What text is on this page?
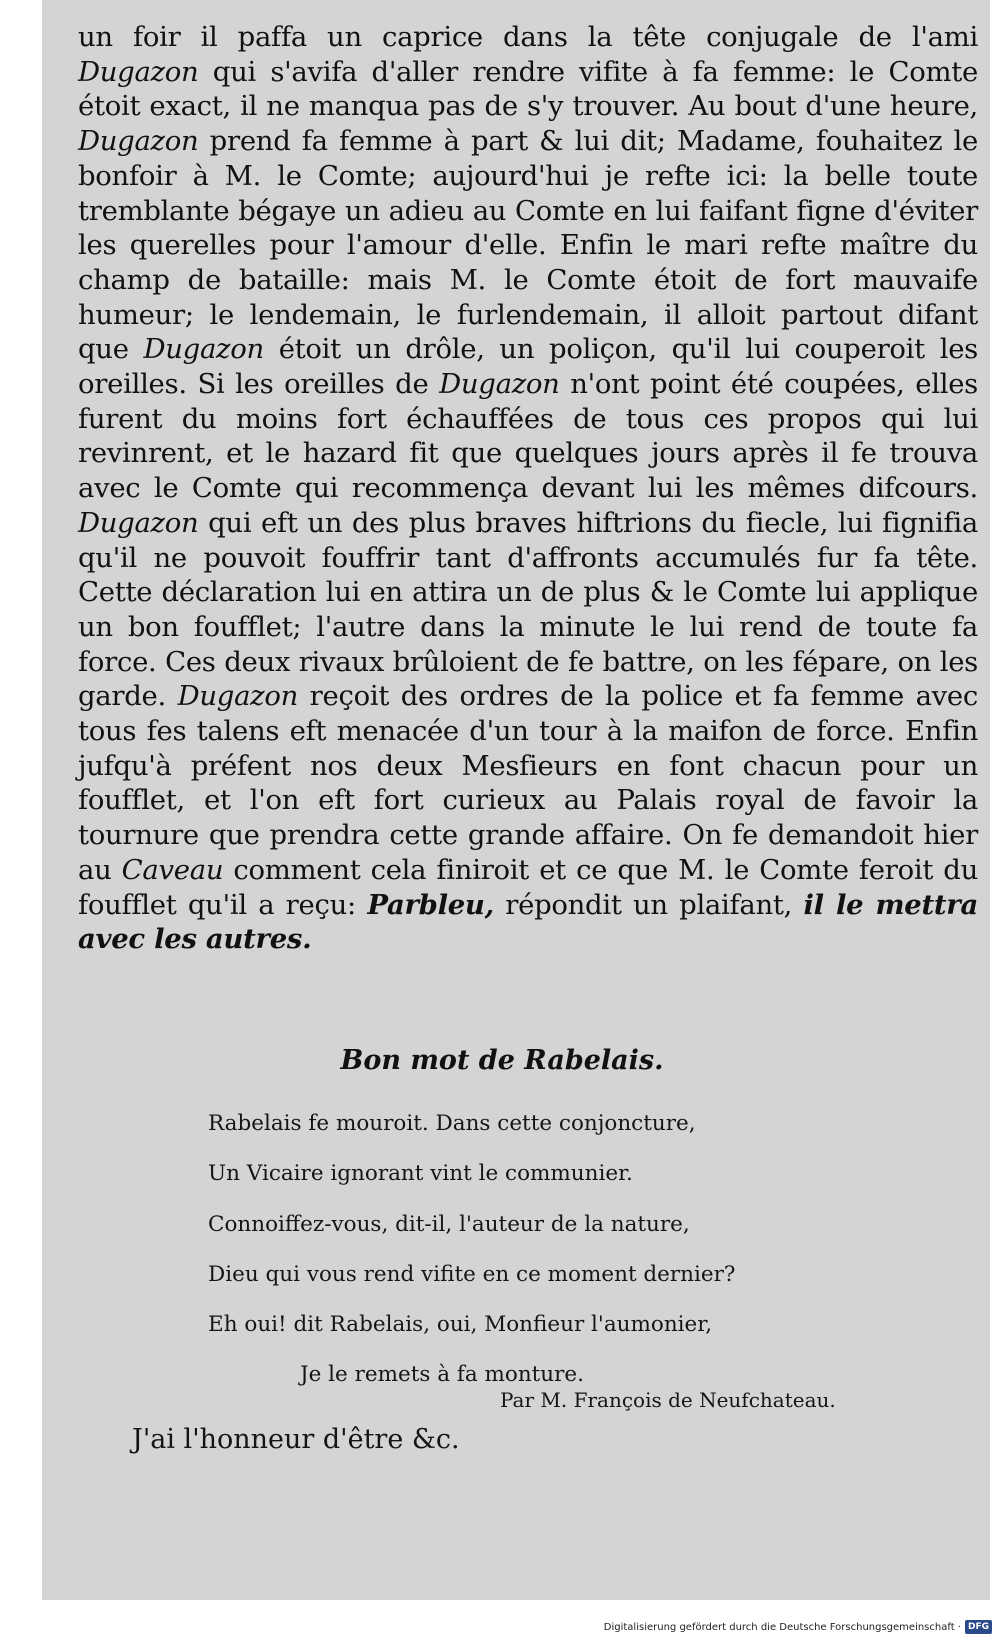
un foir il paffa un caprice dans la tête conjugale de l'ami Dugazon qui s'avifa d'aller rendre vifite à fa femme: le Comte étoit exact, il ne manqua pas de s'y trouver. Au bout d'une heure, Dugazon prend fa femme à part & lui dit; Madame, fouhaitez le bonfoir à M. le Comte; aujourd'hui je refte ici: la belle toute tremblante bégaye un adieu au Comte en lui faifant figne d'éviter les querelles pour l'amour d'elle. Enfin le mari refte maître du champ de bataille: mais M. le Comte étoit de fort mauvaife humeur; le lendemain, le furlendemain, il alloit partout difant que Dugazon étoit un drôle, un poliçon, qu'il lui couperoit les oreilles. Si les oreilles de Dugazon n'ont point été coupées, elles furent du moins fort échauffées de tous ces propos qui lui revinrent, et le hazard fit que quelques jours après il fe trouva avec le Comte qui recommença devant lui les mêmes difcours. Dugazon qui eft un des plus braves hiftrions du fiecle, lui fignifia qu'il ne pouvoit fouffrir tant d'affronts accumulés fur fa tête. Cette déclaration lui en attira un de plus & le Comte lui applique un bon foufflet; l'autre dans la minute le lui rend de toute fa force. Ces deux rivaux brûloient de fe battre, on les fépare, on les garde. Dugazon reçoit des ordres de la police et fa femme avec tous fes talens eft menacée d'un tour à la maifon de force. Enfin jufqu'à préfent nos deux Mesfieurs en font chacun pour un foufflet, et l'on eft fort curieux au Palais royal de favoir la tournure que prendra cette grande affaire. On fe demandoit hier au Caveau comment cela finiroit et ce que M. le Comte feroit du foufflet qu'il a reçu: Parbleu, répondit un plaifant, il le mettra avec les autres.

Bon mot de Rabelais.
Rabelais fe mouroit. Dans cette conjoncture,
Un Vicaire ignorant vint le communier.
Connoiffez-vous, dit-il, l'auteur de la nature,
Dieu qui vous rend vifite en ce moment dernier?
Eh oui! dit Rabelais, oui, Monfieur l'aumonier,
Je le remets à fa monture.
Par M. François de Neufchateau.
J'ai l'honneur d'être &c.
Digitalisierung gefördert durch die Deutsche Forschungsgemeinschaft · DFG
